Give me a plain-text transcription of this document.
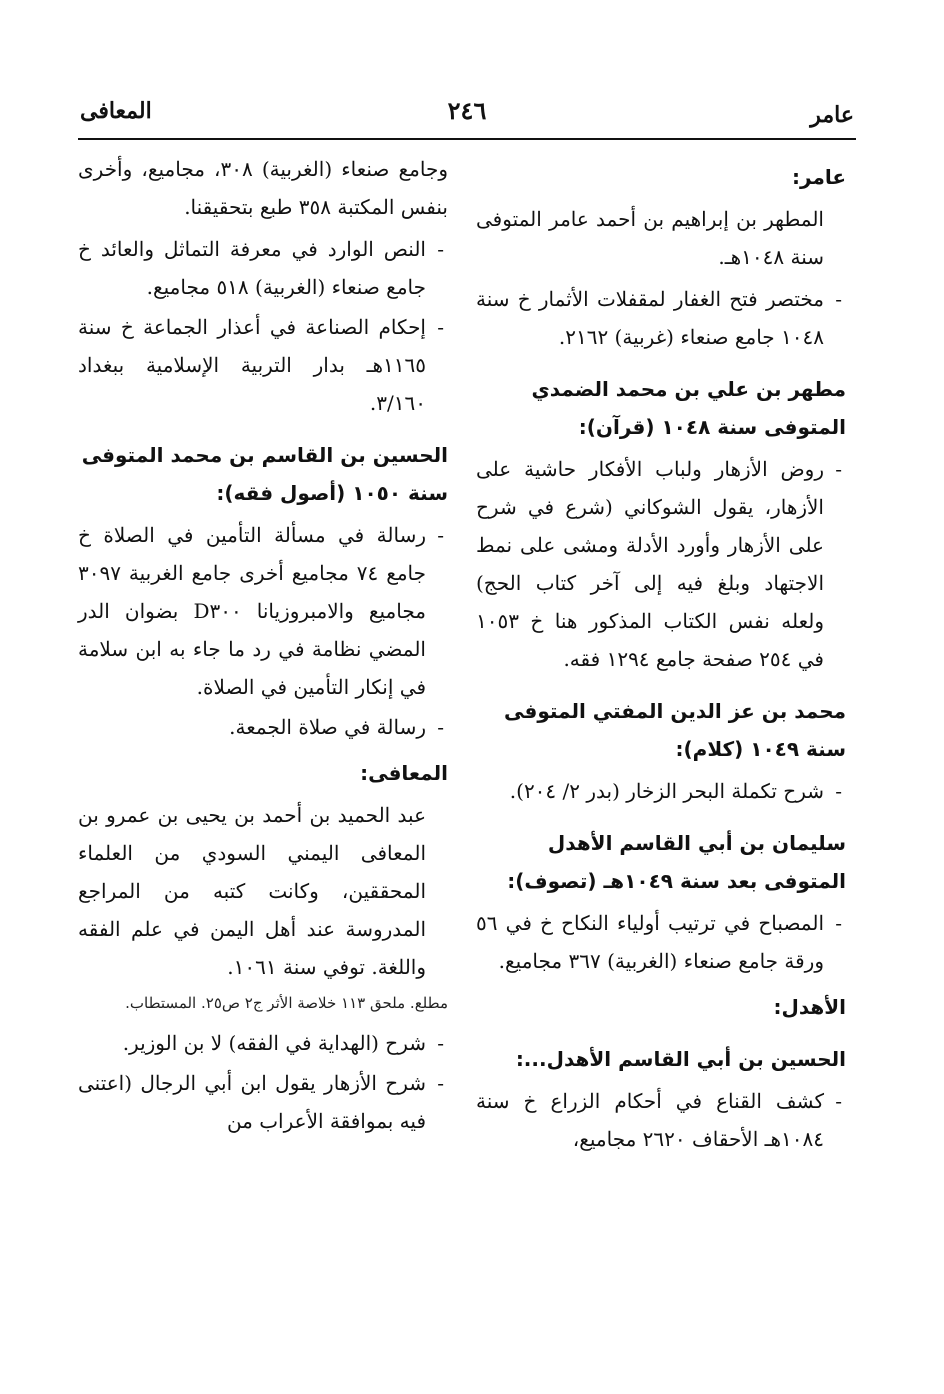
عامر
٢٤٦
المعافى
عامر:

المطهر بن إبراهيم بن أحمد عامر المتوفى سنة ١٠٤٨هـ.

- مختصر فتح الغفار لمقفلات الأثمار خ سنة ١٠٤٨ جامع صنعاء (غربية) ٢١٦٢.
مطهر بن علي بن محمد الضمدي المتوفى سنة ١٠٤٨ (قرآن):
- روض الأزهار ولباب الأفكار حاشية على الأزهار، يقول الشوكاني (شرع في شرح على الأزهار وأورد الأدلة ومشى على نمط الاجتهاد وبلغ فيه إلى آخر كتاب الحج) ولعله نفس الكتاب المذكور هنا خ ١٠٥٣ في ٢٥٤ صفحة جامع ١٢٩٤ فقه.
محمد بن عز الدين المفتي المتوفى سنة ١٠٤٩ (كلام):
- شرح تكملة البحر الزخار (بدر ٢/ ٢٠٤).
سليمان بن أبي القاسم الأهدل المتوفى بعد سنة ١٠٤٩هـ (تصوف):
- المصباح في ترتيب أولياء النكاح خ في ٥٦ ورقة جامع صنعاء (الغربية) ٣٦٧ مجاميع.
الأهدل:
الحسين بن أبي القاسم الأهدل...:
- كشف القناع في أحكام الزراع خ سنة ١٠٨٤هـ الأحقاف ٢٦٢٠ مجاميع،

وجامع صنعاء (الغربية) ٣٠٨، مجاميع، وأخرى بنفس المكتبة ٣٥٨ طبع بتحقيقنا.

- النص الوارد في معرفة التماثل والعائد خ جامع صنعاء (الغربية) ٥١٨ مجاميع.
- إحكام الصناعة في أعذار الجماعة خ سنة ١١٦٥هـ بدار التربية الإسلامية ببغداد ٣/١٦٠.
الحسين بن القاسم بن محمد المتوفى سنة ١٠٥٠ (أصول فقه):
- رسالة في مسألة التأمين في الصلاة خ جامع ٧٤ مجاميع أخرى جامع الغربية ٣٠٩٧ مجاميع والامبروزيانا D٣٠٠ بضوان الدر المضي نظامة في رد ما جاء به ابن سلامة في إنكار التأمين في الصلاة.
- رسالة في صلاة الجمعة.
المعافى:

عبد الحميد بن أحمد بن يحيى بن عمرو بن المعافى اليمني السودي من العلماء المحققين، وكانت كتبه من المراجع المدروسة عند أهل اليمن في علم الفقه واللغة. توفي سنة ١٠٦١.

مطلع. ملحق ١١٣ خلاصة الأثر ج٢ ص٢٥. المستطاب.

- شرح (الهداية في الفقه) لا بن الوزير.
- شرح الأزهار يقول ابن أبي الرجال (اعتنى فيه بموافقة الأعراب من
